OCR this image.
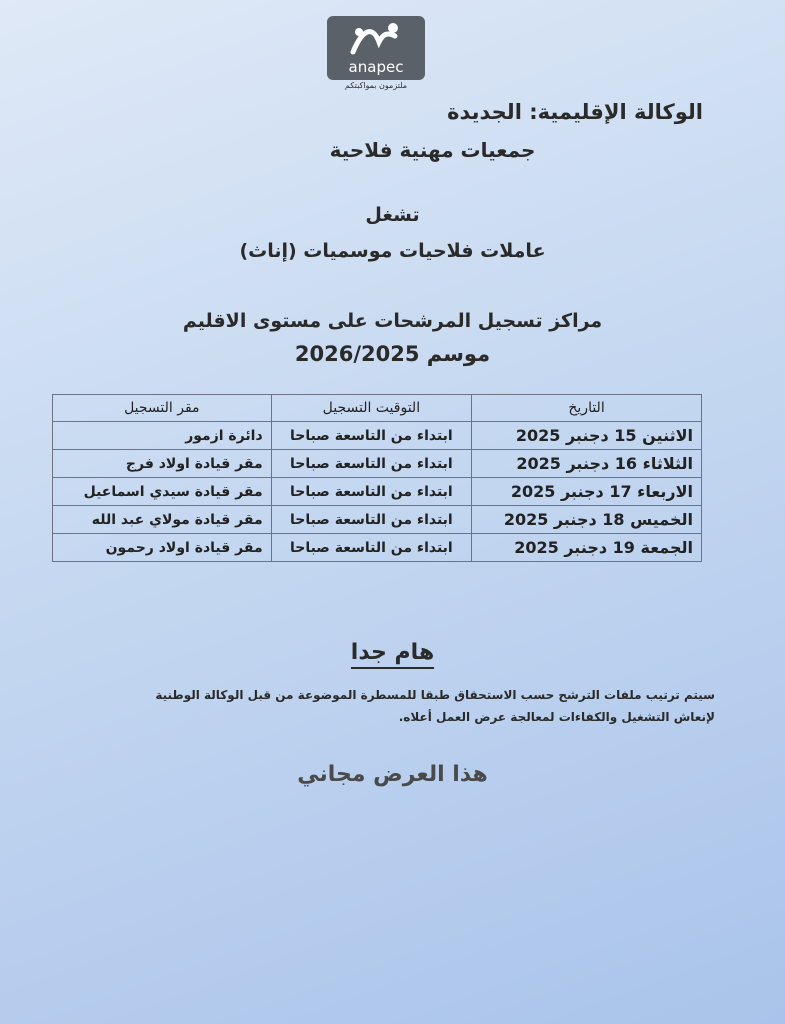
anapec
ملتزمون بمواكبتكم
الوكالة الإقليمية: الجديدة
جمعيات مهنية فلاحية
تشغل
عاملات فلاحيات موسميات (إناث)
مراكز تسجيل المرشحات على مستوى الاقليم
موسم 2026/2025
التاريخ	التوقيت التسجيل	مقر التسجيل
الاثنين 15 دجنبر 2025	ابتداء من التاسعة صباحا	دائرة ازمور
الثلاثاء 16 دجنبر 2025	ابتداء من التاسعة صباحا	مقر قيادة اولاد فرج
الاربعاء 17 دجنبر 2025	ابتداء من التاسعة صباحا	مقر قيادة سيدي اسماعيل
الخميس 18 دجنبر 2025	ابتداء من التاسعة صباحا	مقر قيادة مولاي عبد الله
الجمعة 19 دجنبر 2025	ابتداء من التاسعة صباحا	مقر قيادة اولاد رحمون
هام جدا
سيتم ترتيب ملفات الترشح حسب الاستحقاق طبقا للمسطرة الموضوعة من قبل الوكالة الوطنية
لإنعاش التشغيل والكفاءات لمعالجة عرض العمل أعلاه.
هذا العرض مجاني
